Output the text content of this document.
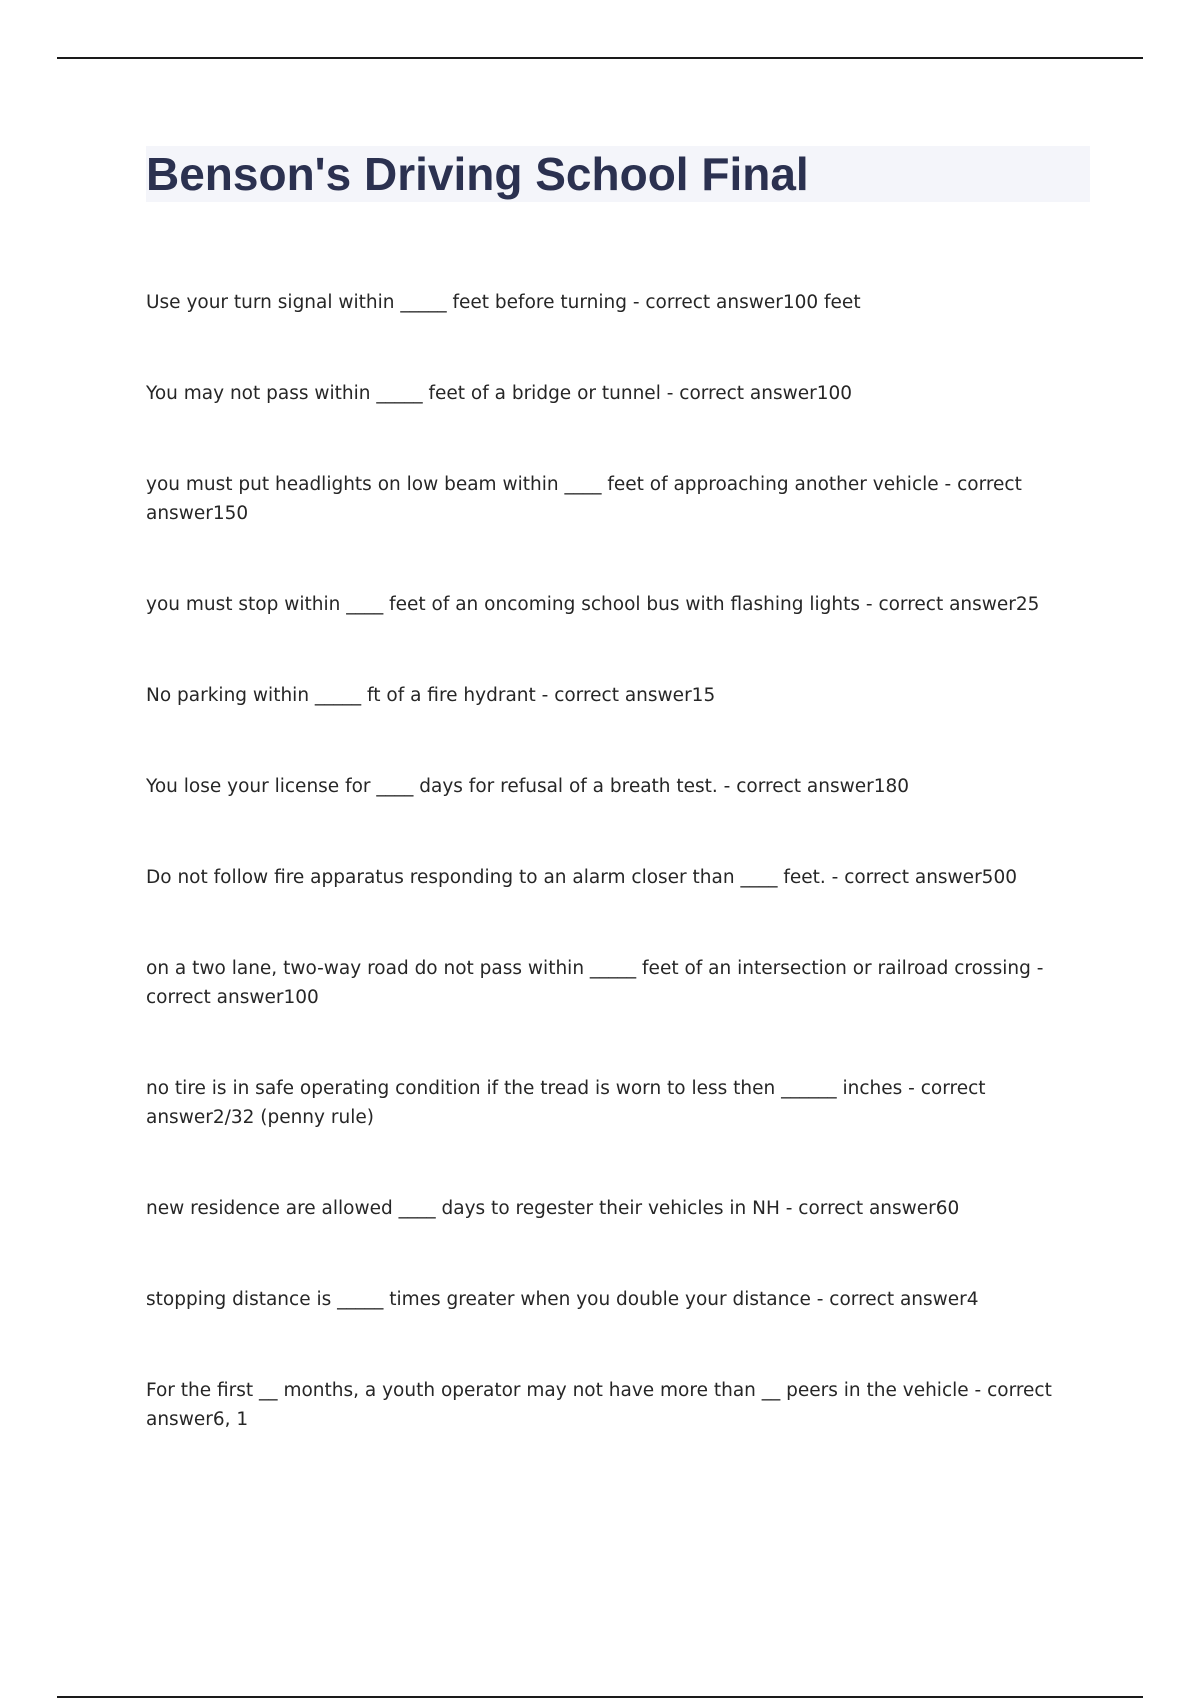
Benson's Driving School Final
Use your turn signal within _____ feet before turning - correct answer100 feet
You may not pass within _____ feet of a bridge or tunnel - correct answer100
you must put headlights on low beam within ____ feet of approaching another vehicle - correct answer150
you must stop within ____ feet of an oncoming school bus with flashing lights - correct answer25
No parking within _____ ft of a fire hydrant - correct answer15
You lose your license for ____ days for refusal of a breath test. - correct answer180
Do not follow fire apparatus responding to an alarm closer than ____ feet. - correct answer500
on a two lane, two-way road do not pass within _____ feet of an intersection or railroad crossing - correct answer100
no tire is in safe operating condition if the tread is worn to less then ______ inches - correct answer2/32 (penny rule)
new residence are allowed ____ days to regester their vehicles in NH - correct answer60
stopping distance is _____ times greater when you double your distance - correct answer4
For the first __ months, a youth operator may not have more than __ peers in the vehicle - correct answer6, 1
